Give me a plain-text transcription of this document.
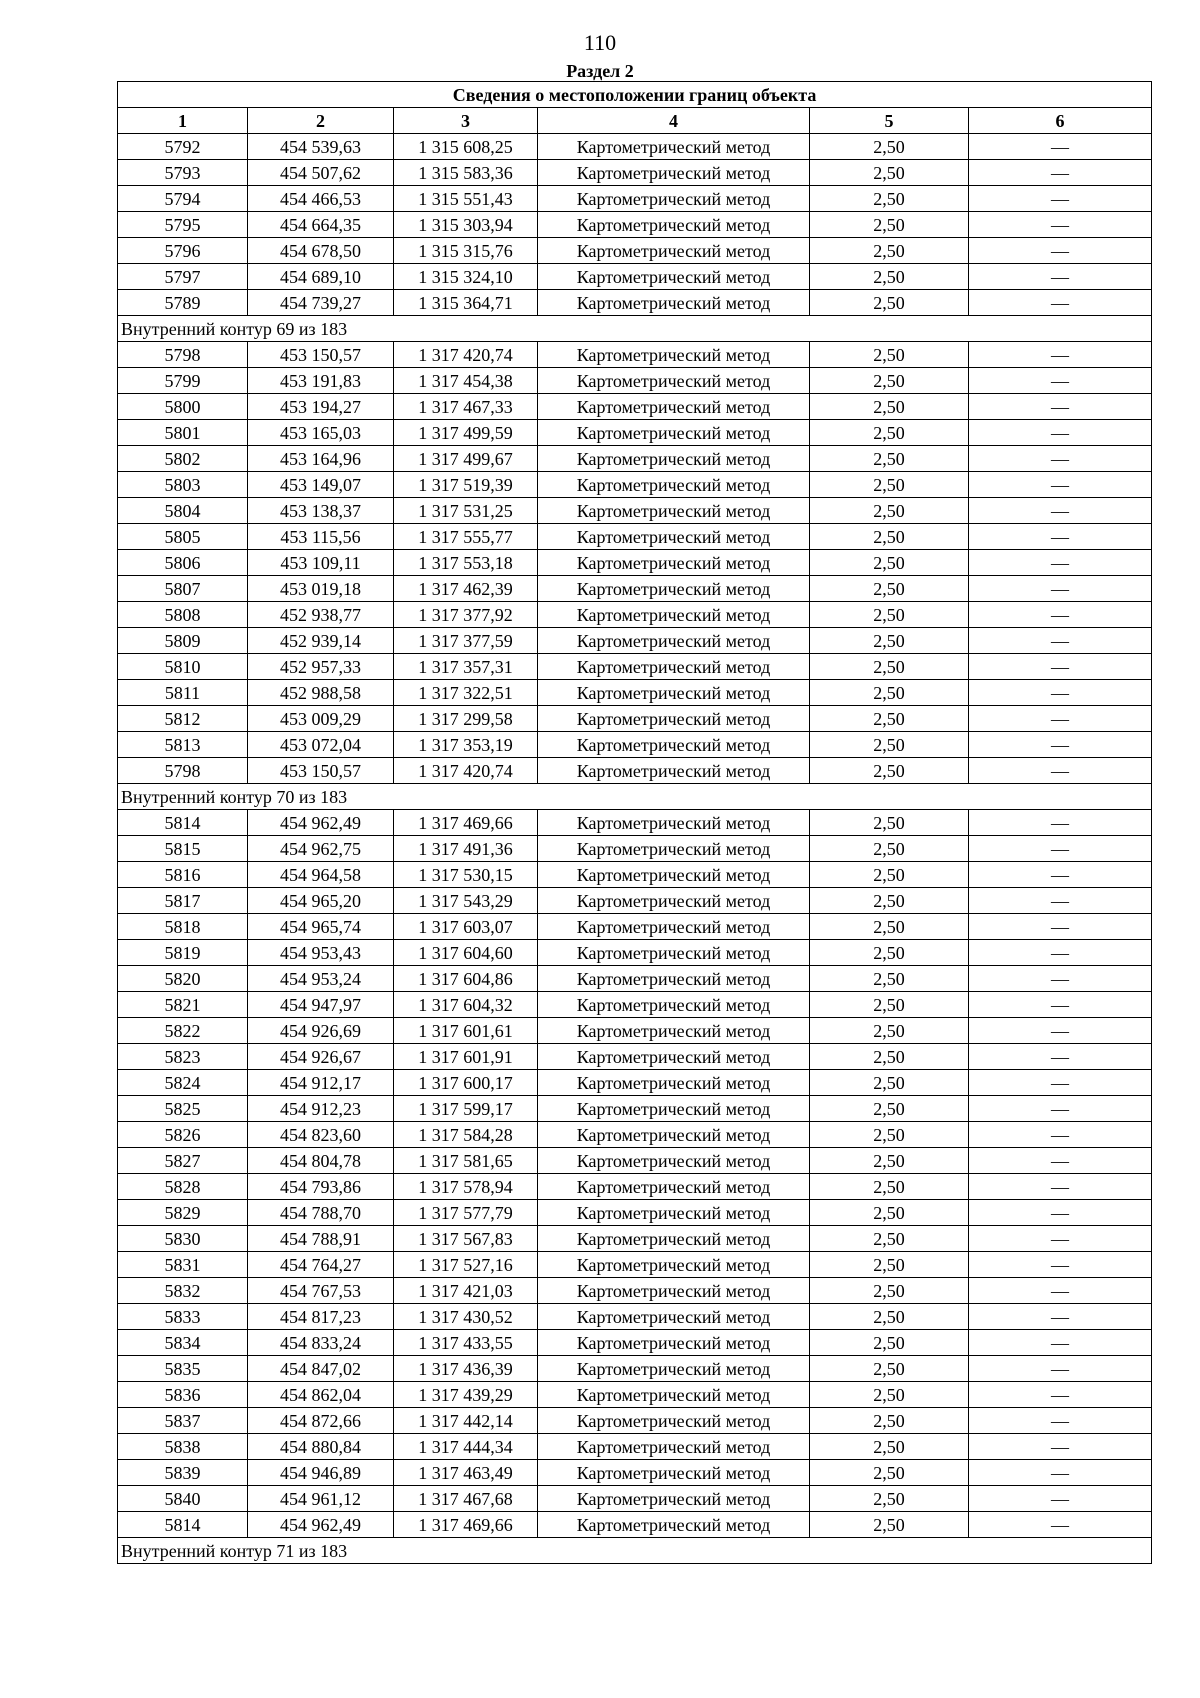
110
Раздел 2
Сведения о местоположении границ объекта					
1	2	3	4	5	6
5792	454 539,63	1 315 608,25	Картометрический метод	2,50	—
5793	454 507,62	1 315 583,36	Картометрический метод	2,50	—
5794	454 466,53	1 315 551,43	Картометрический метод	2,50	—
5795	454 664,35	1 315 303,94	Картометрический метод	2,50	—
5796	454 678,50	1 315 315,76	Картометрический метод	2,50	—
5797	454 689,10	1 315 324,10	Картометрический метод	2,50	—
5789	454 739,27	1 315 364,71	Картометрический метод	2,50	—
Внутренний контур 69 из 183					
5798	453 150,57	1 317 420,74	Картометрический метод	2,50	—
5799	453 191,83	1 317 454,38	Картометрический метод	2,50	—
5800	453 194,27	1 317 467,33	Картометрический метод	2,50	—
5801	453 165,03	1 317 499,59	Картометрический метод	2,50	—
5802	453 164,96	1 317 499,67	Картометрический метод	2,50	—
5803	453 149,07	1 317 519,39	Картометрический метод	2,50	—
5804	453 138,37	1 317 531,25	Картометрический метод	2,50	—
5805	453 115,56	1 317 555,77	Картометрический метод	2,50	—
5806	453 109,11	1 317 553,18	Картометрический метод	2,50	—
5807	453 019,18	1 317 462,39	Картометрический метод	2,50	—
5808	452 938,77	1 317 377,92	Картометрический метод	2,50	—
5809	452 939,14	1 317 377,59	Картометрический метод	2,50	—
5810	452 957,33	1 317 357,31	Картометрический метод	2,50	—
5811	452 988,58	1 317 322,51	Картометрический метод	2,50	—
5812	453 009,29	1 317 299,58	Картометрический метод	2,50	—
5813	453 072,04	1 317 353,19	Картометрический метод	2,50	—
5798	453 150,57	1 317 420,74	Картометрический метод	2,50	—
Внутренний контур 70 из 183					
5814	454 962,49	1 317 469,66	Картометрический метод	2,50	—
5815	454 962,75	1 317 491,36	Картометрический метод	2,50	—
5816	454 964,58	1 317 530,15	Картометрический метод	2,50	—
5817	454 965,20	1 317 543,29	Картометрический метод	2,50	—
5818	454 965,74	1 317 603,07	Картометрический метод	2,50	—
5819	454 953,43	1 317 604,60	Картометрический метод	2,50	—
5820	454 953,24	1 317 604,86	Картометрический метод	2,50	—
5821	454 947,97	1 317 604,32	Картометрический метод	2,50	—
5822	454 926,69	1 317 601,61	Картометрический метод	2,50	—
5823	454 926,67	1 317 601,91	Картометрический метод	2,50	—
5824	454 912,17	1 317 600,17	Картометрический метод	2,50	—
5825	454 912,23	1 317 599,17	Картометрический метод	2,50	—
5826	454 823,60	1 317 584,28	Картометрический метод	2,50	—
5827	454 804,78	1 317 581,65	Картометрический метод	2,50	—
5828	454 793,86	1 317 578,94	Картометрический метод	2,50	—
5829	454 788,70	1 317 577,79	Картометрический метод	2,50	—
5830	454 788,91	1 317 567,83	Картометрический метод	2,50	—
5831	454 764,27	1 317 527,16	Картометрический метод	2,50	—
5832	454 767,53	1 317 421,03	Картометрический метод	2,50	—
5833	454 817,23	1 317 430,52	Картометрический метод	2,50	—
5834	454 833,24	1 317 433,55	Картометрический метод	2,50	—
5835	454 847,02	1 317 436,39	Картометрический метод	2,50	—
5836	454 862,04	1 317 439,29	Картометрический метод	2,50	—
5837	454 872,66	1 317 442,14	Картометрический метод	2,50	—
5838	454 880,84	1 317 444,34	Картометрический метод	2,50	—
5839	454 946,89	1 317 463,49	Картометрический метод	2,50	—
5840	454 961,12	1 317 467,68	Картометрический метод	2,50	—
5814	454 962,49	1 317 469,66	Картометрический метод	2,50	—
Внутренний контур 71 из 183					
